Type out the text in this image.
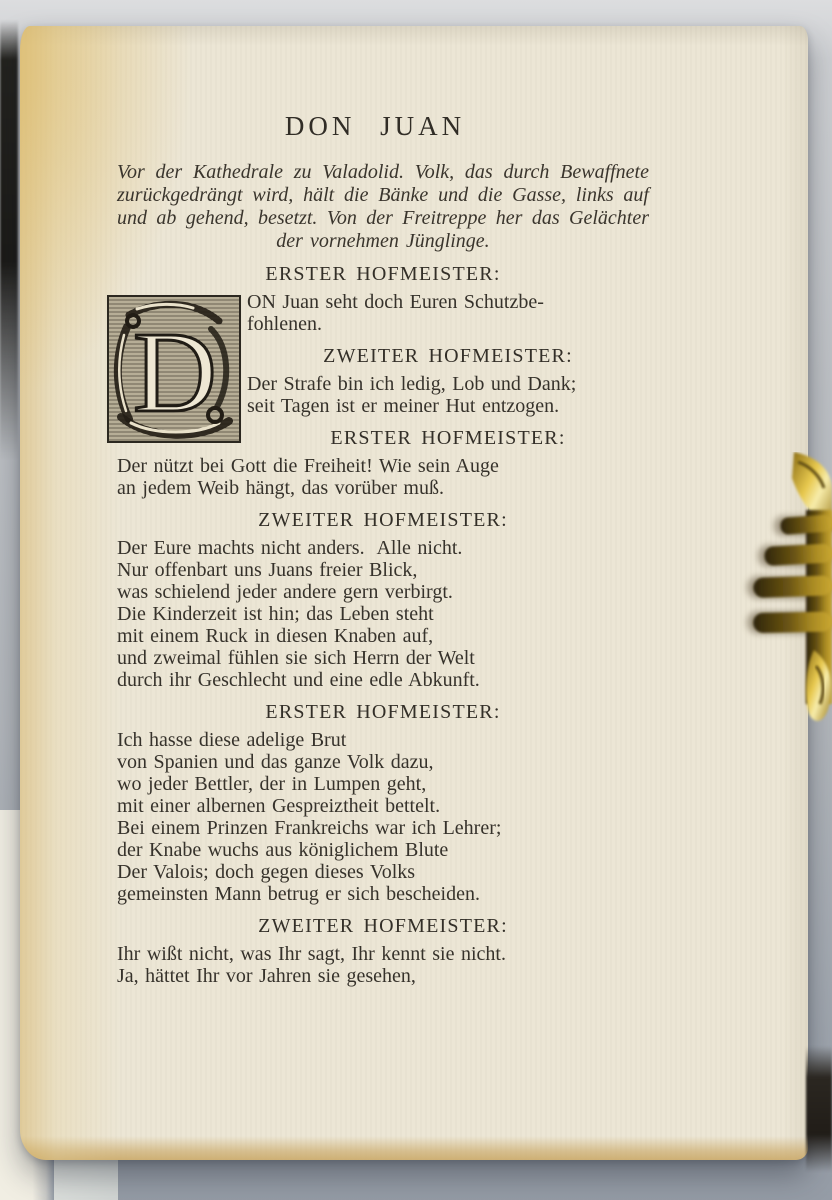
DON JUAN
Vor der Kathedrale zu Valadolid. Volk, das durch Bewaffnete
zurückgedrängt wird, hält die Bänke und die Gasse, links auf
und ab gehend, besetzt. Von der Freitreppe her das Gelächter
der vornehmen Jünglinge.
ERSTER HOFMEISTER:
D
ON Juan seht doch Euren Schutzbe-
fohlenen.
ZWEITER HOFMEISTER:
Der Strafe bin ich ledig, Lob und Dank;
seit Tagen ist er meiner Hut entzogen.
ERSTER HOFMEISTER:
Der nützt bei Gott die Freiheit! Wie sein Auge
an jedem Weib hängt, das vorüber muß.
ZWEITER HOFMEISTER:
Der Eure machts nicht anders.  Alle nicht.
Nur offenbart uns Juans freier Blick,
was schielend jeder andere gern verbirgt.
Die Kinderzeit ist hin; das Leben steht
mit einem Ruck in diesen Knaben auf,
und zweimal fühlen sie sich Herrn der Welt
durch ihr Geschlecht und eine edle Abkunft.
ERSTER HOFMEISTER:
Ich hasse diese adelige Brut
von Spanien und das ganze Volk dazu,
wo jeder Bettler, der in Lumpen geht,
mit einer albernen Gespreiztheit bettelt.
Bei einem Prinzen Frankreichs war ich Lehrer;
der Knabe wuchs aus königlichem Blute
Der Valois; doch gegen dieses Volks
gemeinsten Mann betrug er sich bescheiden.
ZWEITER HOFMEISTER:
Ihr wißt nicht, was Ihr sagt, Ihr kennt sie nicht.
Ja, hättet Ihr vor Jahren sie gesehen,
